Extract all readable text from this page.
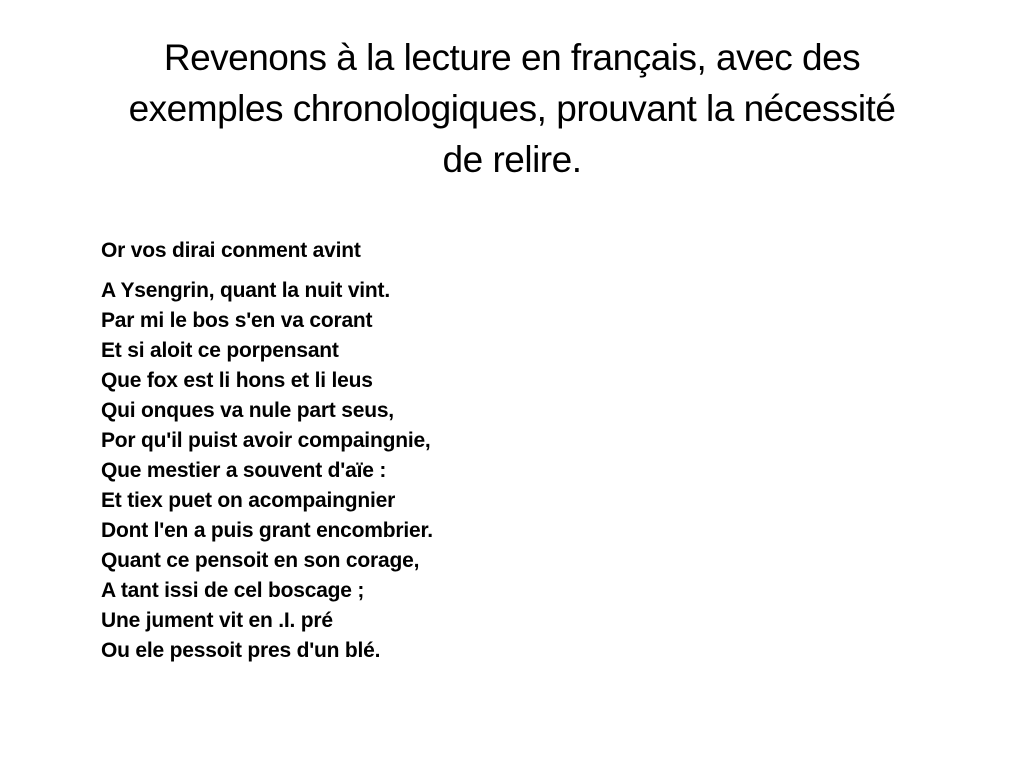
Revenons à la lecture en français, avec des
exemples chronologiques, prouvant la nécessité
de relire.

Or vos dirai conment avint

A Ysengrin, quant la nuit vint.
Par mi le bos s'en va corant
Et si aloit ce porpensant
Que fox est li hons et li leus
Qui onques va nule part seus,
Por qu'il puist avoir compaingnie,
Que mestier a souvent d'aïe :
Et tiex puet on acompaingnier
Dont l'en a puis grant encombrier.
Quant ce pensoit en son corage,
A tant issi de cel boscage ;
Une jument vit en .I. pré
Ou ele pessoit pres d'un blé.
